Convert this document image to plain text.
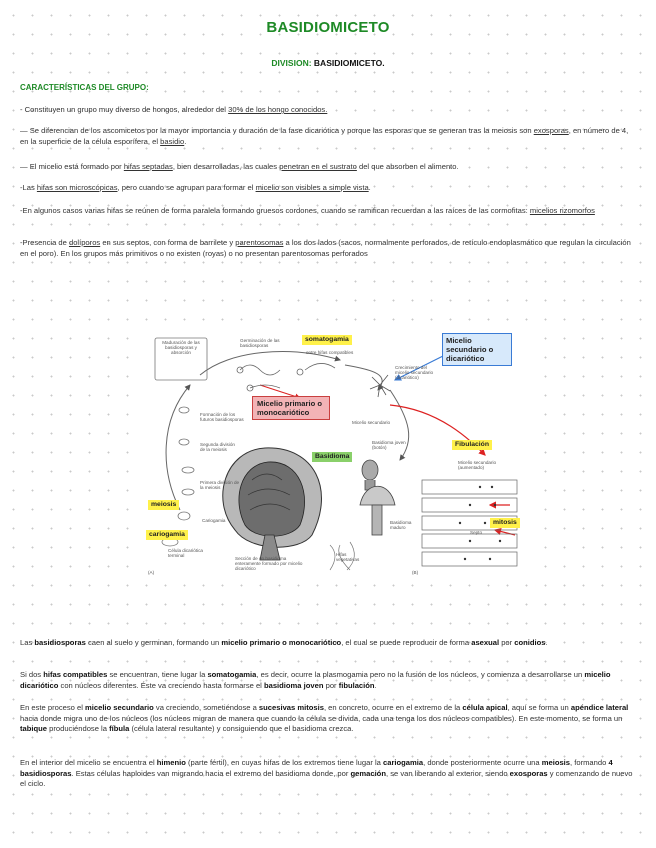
BASIDIOMICETO
DIVISION: BASIDIOMICETO.
CARACTERÍSTICAS DEL GRUPO:
- Constituyen un grupo muy diverso de hongos, alrededor del 30% de los hongo conocidos.
— Se diferencian de los ascomicetos por la mayor importancia y duración de la fase dicariótica y porque las esporas que se generan tras la meiosis son exosporas, en número de 4, en la superficie de la célula esporífera, el basidio.
— El micelio está formado por hifas septadas, bien desarrolladas, las cuales penetran en el sustrato del que absorben el alimento.
-Las hifas son microscópicas, pero cuando se agrupan para formar el micelio son visibles a simple vista.
-En algunos casos varias hifas se reúnen de forma paralela formando gruesos cordones, cuando se ramifican recuerdan a las raíces de las cormofitas: micelios rizomorfos
-Presencia de dolíporos en sus septos, con forma de barrilete y parentosomas a los dos lados (sacos, normalmente perforados, de retículo endoplasmático que regulan la circulación en el poro). En los grupos más primitivos o no existen (royas) o no presentan parentosomas perforados
somatogamia	Micelio secundario o dicariótico
Micelio primario o monocariótico
Basidioma
Fibulación
meiosis
cariogamia
mitosis
Maduración de las basidiosporas y absorción
Germinación de las basidiosporas
entre hifas compatibles
Crecimiento del micelio secundario (dicariótico)
Formación de los futuros basidiosporas
Segunda división de la meiosis
Primera división de la meiosis
Cariogamia
Micelio secundario
Basidioma joven (botón)
Micelio secundario (aumentado)
Basidioma maduro
Célula dicariótica terminal
Sección de un basidioma enteramente formado por micelio dicariótico
Hifas vegetativas
Septo
(A)	(B)
Las basidiosporas caen al suelo y germinan, formando un micelio primario o monocariótico, el cual se puede reproducir de forma asexual por conidios.
Si dos hifas compatibles se encuentran, tiene lugar la somatogamia, es decir, ocurre la plasmogamia pero no la fusión de los núcleos, y comienza a desarrollarse un micelio dicariótico con núcleos diferentes. Éste va creciendo hasta formarse el basidioma joven por fibulación.
En este proceso el micelio secundario va creciendo, sometiéndose a sucesivas mitosis, en concreto, ocurre en el extremo de la célula apical, aquí se forma un apéndice lateral hacia donde migra uno de los núcleos (los núcleos migran de manera que cuando la célula se divida, cada una tenga los dos núcleos compatibles). En este momento, se forma un tabique produciéndose la fíbula (célula lateral resultante) y consiguiendo que el basidioma crezca.
En el interior del micelio se encuentra el himenio (parte fértil), en cuyas hifas de los extremos tiene lugar la cariogamia, donde posteriormente ocurre una meiosis, formando 4 basidiosporas. Estas células haploides van migrando hacia el extremo del basidioma donde, por gemación, se van liberando al exterior, siendo exosporas y comenzando de nuevo el ciclo.
